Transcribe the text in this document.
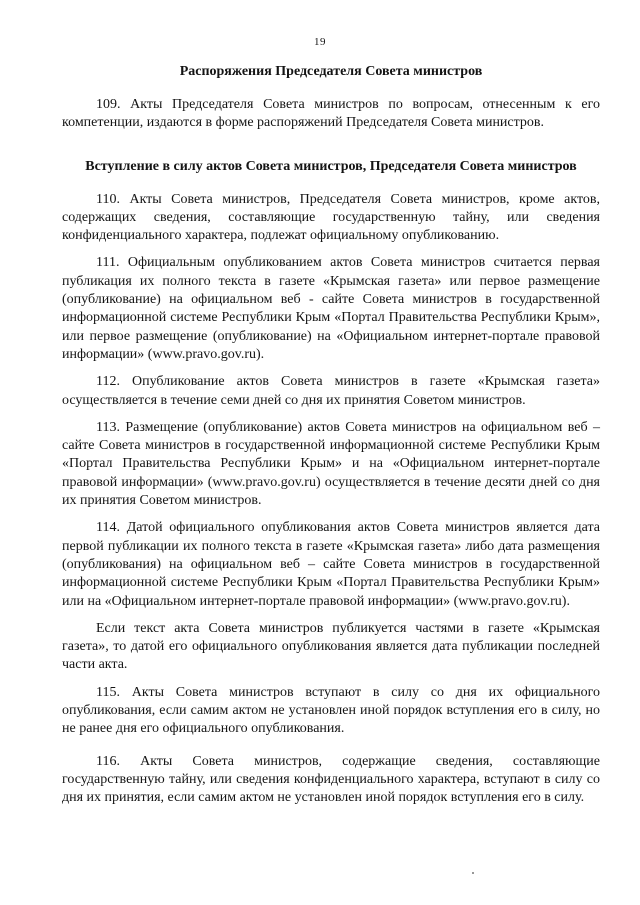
19
Распоряжения Председателя Совета министров

109. Акты Председателя Совета министров по вопросам, отнесенным к его компетенции, издаются в форме распоряжений Председателя Совета министров.

Вступление в силу актов Совета министров, Председателя Совета министров

110. Акты Совета министров, Председателя Совета министров, кроме актов, содержащих сведения, составляющие государственную тайну, или сведения конфиденциального характера, подлежат официальному опубликованию.

111. Официальным опубликованием актов Совета министров считается первая публикация их полного текста в газете «Крымская газета» или первое размещение (опубликование) на официальном веб - сайте Совета министров в государственной информационной системе Республики Крым «Портал Правительства Республики Крым», или первое размещение (опубликование) на «Официальном интернет-портале правовой информации» (www.pravo.gov.ru).

112. Опубликование актов Совета министров в газете «Крымская газета» осуществляется в течение семи дней со дня их принятия Советом министров.

113. Размещение (опубликование) актов Совета министров на официальном веб – сайте Совета министров в государственной информационной системе Республики Крым «Портал Правительства Республики Крым» и на «Официальном интернет-портале правовой информации» (www.pravo.gov.ru) осуществляется в течение десяти дней со дня их принятия Советом министров.

114. Датой официального опубликования актов Совета министров является дата первой публикации их полного текста в газете «Крымская газета» либо дата размещения (опубликования) на официальном веб – сайте Совета министров в государственной информационной системе Республики Крым «Портал Правительства Республики Крым» или на «Официальном интернет-портале правовой информации» (www.pravo.gov.ru).

Если текст акта Совета министров публикуется частями в газете «Крымская газета», то датой его официального опубликования является дата публикации последней части акта.

115. Акты Совета министров вступают в силу со дня их официального опубликования, если самим актом не установлен иной порядок вступления его в силу, но не ранее дня его официального опубликования.

116. Акты Совета министров, содержащие сведения, составляющие государственную тайну, или сведения конфиденциального характера, вступают в силу со дня их принятия, если самим актом не установлен иной порядок вступления его в силу.
